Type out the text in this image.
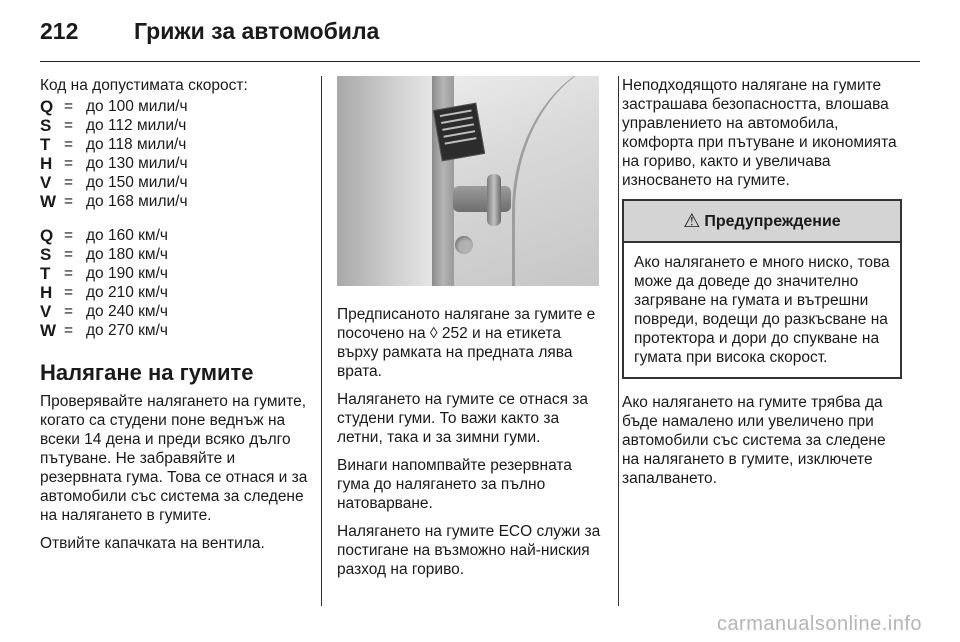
212 Грижи за автомобила

Код на допустимата скорост:

Q = до 100 мили/ч
S = до 112 мили/ч
T = до 118 мили/ч
H = до 130 мили/ч
V = до 150 мили/ч
W = до 168 мили/ч
Q = до 160 км/ч
S = до 180 км/ч
T = до 190 км/ч
H = до 210 км/ч
V = до 240 км/ч
W = до 270 км/ч
Налягане на гумите

Проверявайте налягането на гумите, когато са студени поне веднъж на всеки 14 дена и преди всяко дълго пътуване. Не забравяйте и резервната гума. Това се отнася и за автомобили със система за следене на налягането в гумите.

Отвийте капачката на вентила.

Предписаното налягане за гумите е посочено на ◊ 252 и на етикета върху рамката на предната лява врата.

Налягането на гумите се отнася за студени гуми. То важи както за летни, така и за зимни гуми.

Винаги напомпвайте резервната гума до налягането за пълно натоварване.

Налягането на гумите ECO служи за постигане на възможно най-ниския разход на гориво.

Неподходящото налягане на гумите застрашава безопасността, влошава управлението на автомобила, комфорта при пътуване и икономията на гориво, както и увеличава износването на гумите.

⚠ Предупреждение
Ако налягането е много ниско, това може да доведе до значително загряване на гумата и вътрешни повреди, водещи до разкъсване на протектора и дори до спукване на гумата при висока скорост.

Ако налягането на гумите трябва да бъде намалено или увеличено при автомобили със система за следене на налягането в гумите, изключете запалването.

carmanualsonline.info
